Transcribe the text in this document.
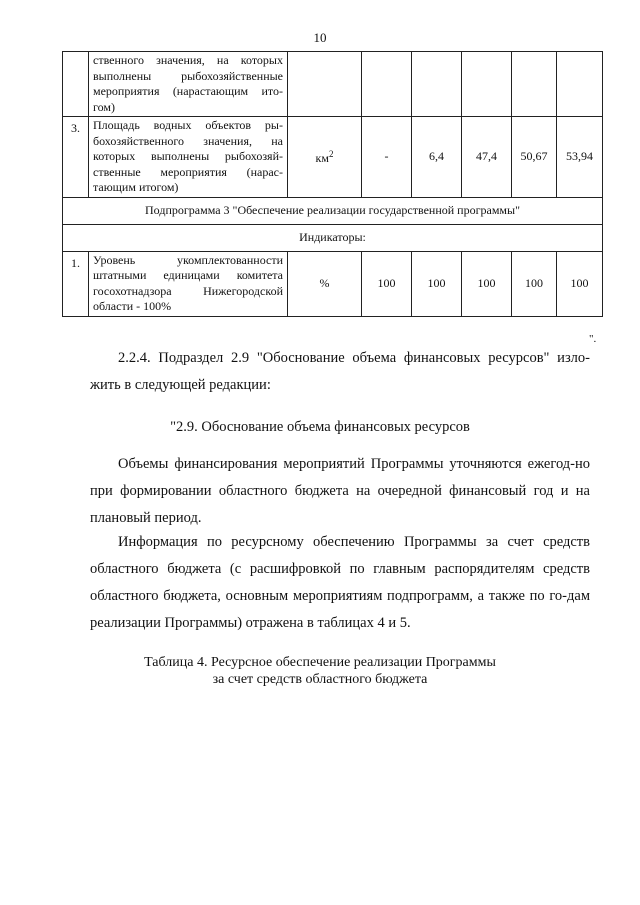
10
	ственного значения, на которых выполнены рыбохозяйственные мероприятия (нарастающим ито-гом)						
3.	Площадь водных объектов ры-бохозяйственного значения, на которых выполнены рыбохозяй-ственные мероприятия (нарас-тающим итогом)	$км^2$	-	6,4	47,4	50,67	53,94
Подпрограмма 3 "Обеспечение реализации государственной программы"							
Индикаторы:							
1.	Уровень укомплектованности штатными единицами комитета госохотнадзора Нижегородской области - 100%	%	100	100	100	100	100
".
2.2.4. Подраздел 2.9 "Обоснование объема финансовых ресурсов" изло-жить в следующей редакции:
"2.9. Обоснование объема финансовых ресурсов
Объемы финансирования мероприятий Программы уточняются ежегод-но при формировании областного бюджета на очередной финансовый год и на плановый период.
Информация по ресурсному обеспечению Программы за счет средств областного бюджета (с расшифровкой по главным распорядителям средств областного бюджета, основным мероприятиям подпрограмм, а также по го-дам реализации Программы) отражена в таблицах 4 и 5.
Таблица 4. Ресурсное обеспечение реализации Программы
за счет средств областного бюджета
